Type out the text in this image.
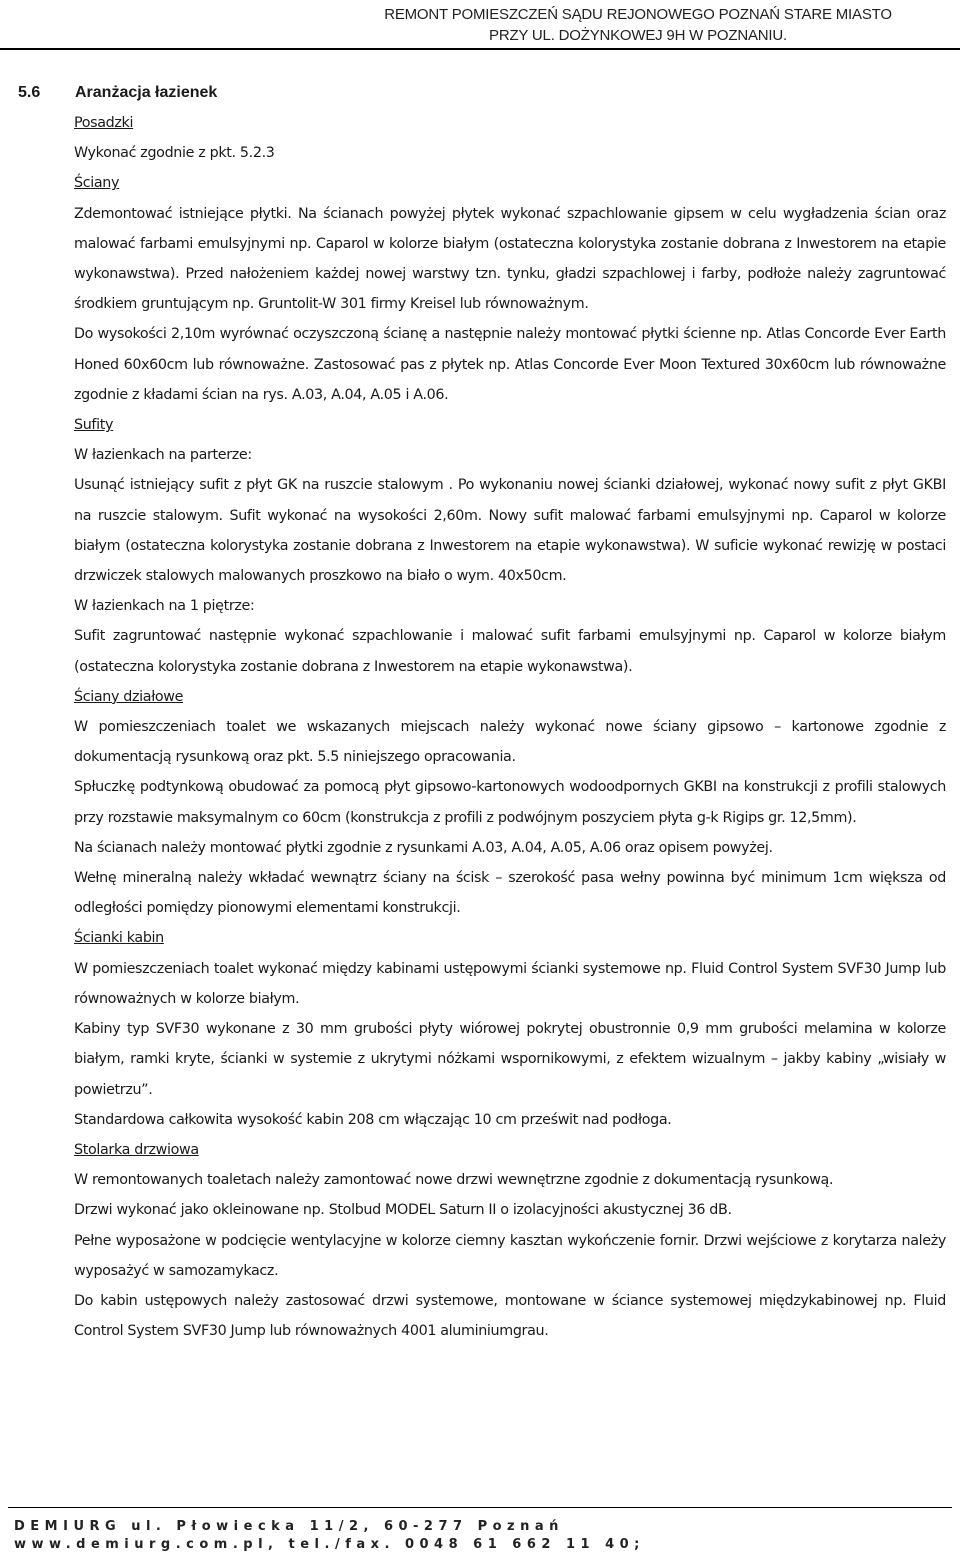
REMONT POMIESZCZEŃ SĄDU REJONOWEGO POZNAŃ STARE MIASTO
PRZY UL. DOŻYNKOWEJ 9H W POZNANIU.
5.6 Aranżacja łazienek

Posadzki

Wykonać zgodnie z pkt. 5.2.3

Ściany

Zdemontować istniejące płytki. Na ścianach powyżej płytek wykonać szpachlowanie gipsem w celu wygładzenia ścian oraz malować farbami emulsyjnymi np. Caparol w kolorze białym (ostateczna kolorystyka zostanie dobrana z Inwestorem na etapie wykonawstwa). Przed nałożeniem każdej nowej warstwy tzn. tynku, gładzi szpachlowej i farby, podłoże należy zagruntować środkiem gruntującym np. Gruntolit-W 301 firmy Kreisel lub równoważnym.

Do wysokości 2,10m wyrównać oczyszczoną ścianę a następnie należy montować płytki ścienne np. Atlas Concorde Ever Earth Honed 60x60cm lub równoważne. Zastosować pas z płytek np. Atlas Concorde Ever Moon Textured 30x60cm lub równoważne zgodnie z kładami ścian na rys. A.03, A.04, A.05 i A.06.

Sufity

W łazienkach na parterze:

Usunąć istniejący sufit z płyt GK na ruszcie stalowym . Po wykonaniu nowej ścianki działowej, wykonać nowy sufit z płyt GKBI na ruszcie stalowym. Sufit wykonać na wysokości 2,60m. Nowy sufit malować farbami emulsyjnymi np. Caparol w kolorze białym (ostateczna kolorystyka zostanie dobrana z Inwestorem na etapie wykonawstwa). W suficie wykonać rewizję w postaci drzwiczek stalowych malowanych proszkowo na biało o wym. 40x50cm.

W łazienkach na 1 piętrze:

Sufit zagruntować następnie wykonać szpachlowanie i malować sufit farbami emulsyjnymi np. Caparol w kolorze białym (ostateczna kolorystyka zostanie dobrana z Inwestorem na etapie wykonawstwa).

Ściany działowe

W pomieszczeniach toalet we wskazanych miejscach należy wykonać nowe ściany gipsowo – kartonowe zgodnie z dokumentacją rysunkową oraz pkt. 5.5 niniejszego opracowania.

Spłuczkę podtynkową obudować za pomocą płyt gipsowo-kartonowych wodoodpornych GKBI na konstrukcji z profili stalowych przy rozstawie maksymalnym co 60cm (konstrukcja z profili z podwójnym poszyciem płyta g-k Rigips gr. 12,5mm).

Na ścianach należy montować płytki zgodnie z rysunkami A.03, A.04, A.05, A.06 oraz opisem powyżej.

Wełnę mineralną należy wkładać wewnątrz ściany na ścisk – szerokość pasa wełny powinna być minimum 1cm większa od odległości pomiędzy pionowymi elementami konstrukcji.

Ścianki kabin

W pomieszczeniach toalet wykonać między kabinami ustępowymi ścianki systemowe np. Fluid Control System SVF30 Jump lub równoważnych w kolorze białym.

Kabiny typ SVF30 wykonane z 30 mm grubości płyty wiórowej pokrytej obustronnie 0,9 mm grubości melamina w kolorze białym, ramki kryte, ścianki w systemie z ukrytymi nóżkami wspornikowymi, z efektem wizualnym – jakby kabiny „wisiały w powietrzu”.

Standardowa całkowita wysokość kabin 208 cm włączając 10 cm prześwit nad podłoga.

Stolarka drzwiowa

W remontowanych toaletach należy zamontować nowe drzwi wewnętrzne zgodnie z dokumentacją rysunkową.

Drzwi wykonać jako okleinowane np. Stolbud MODEL Saturn II o izolacyjności akustycznej 36 dB.

Pełne wyposażone w podcięcie wentylacyjne w kolorze ciemny kasztan wykończenie fornir. Drzwi wejściowe z korytarza należy wyposażyć w samozamykacz.

Do kabin ustępowych należy zastosować drzwi systemowe, montowane w ściance systemowej międzykabinowej np. Fluid Control System SVF30 Jump lub równoważnych 4001 aluminiumgrau.

DEMIURG ul. Płowiecka 11/2, 60-277 Poznań
www.demiurg.com.pl, tel./fax. 0048 61 662 11 40;
